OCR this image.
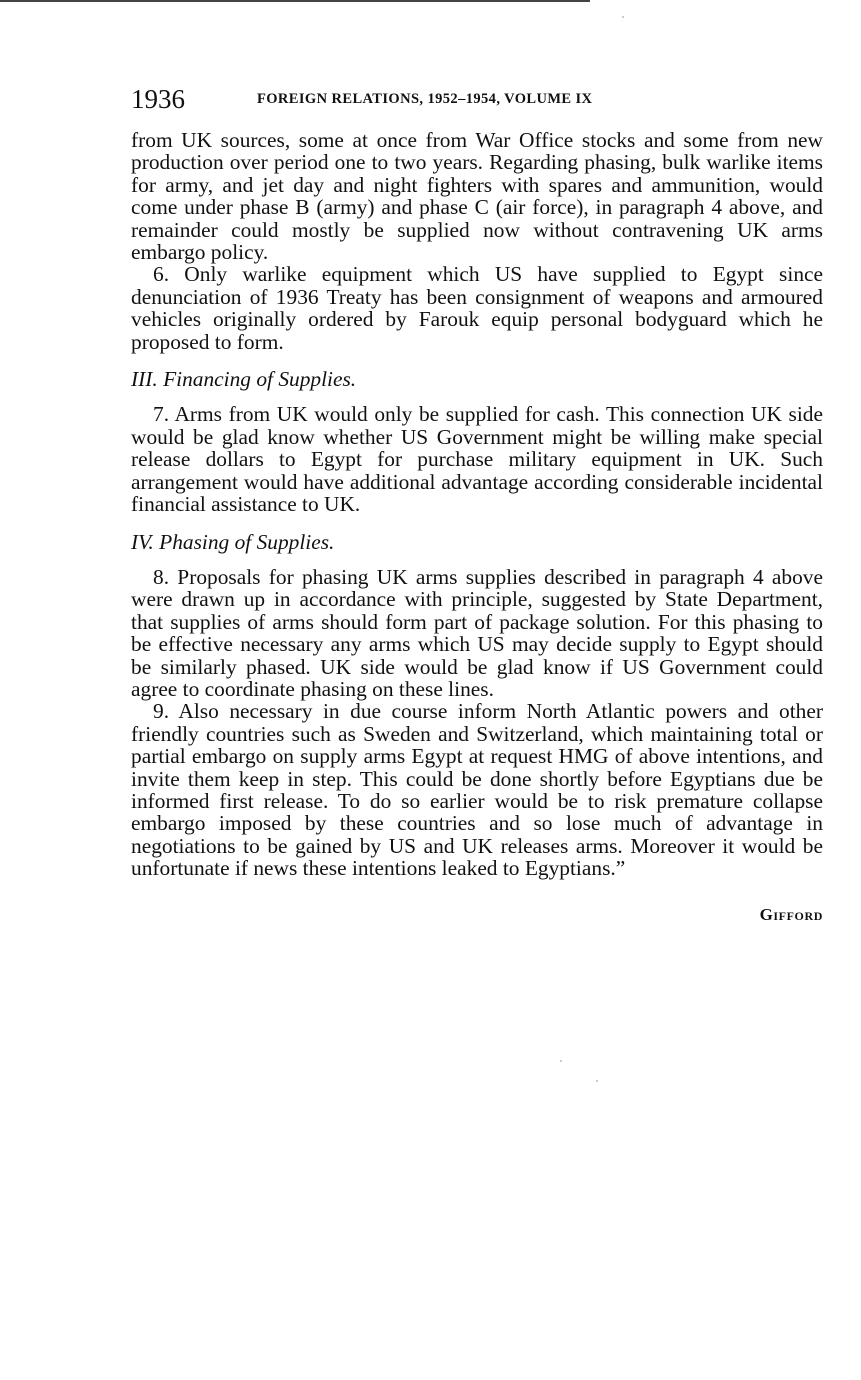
1936	FOREIGN RELATIONS, 1952–1954, VOLUME IX

from UK sources, some at once from War Office stocks and some from new production over period one to two years. Regarding phasing, bulk warlike items for army, and jet day and night fighters with spares and ammunition, would come under phase B (army) and phase C (air force), in paragraph 4 above, and remainder could mostly be supplied now without contravening UK arms embargo policy.

6. Only warlike equipment which US have supplied to Egypt since denunciation of 1936 Treaty has been consignment of weapons and armoured vehicles originally ordered by Farouk equip personal bodyguard which he proposed to form.

III. Financing of Supplies.

7. Arms from UK would only be supplied for cash. This connection UK side would be glad know whether US Government might be willing make special release dollars to Egypt for purchase military equipment in UK. Such arrangement would have additional advantage according considerable incidental financial assistance to UK.

IV. Phasing of Supplies.

8. Proposals for phasing UK arms supplies described in paragraph 4 above were drawn up in accordance with principle, suggested by State Department, that supplies of arms should form part of package solution. For this phasing to be effective necessary any arms which US may decide supply to Egypt should be similarly phased. UK side would be glad know if US Government could agree to coordinate phasing on these lines.

9. Also necessary in due course inform North Atlantic powers and other friendly countries such as Sweden and Switzerland, which maintaining total or partial embargo on supply arms Egypt at request HMG of above intentions, and invite them keep in step. This could be done shortly before Egyptians due be informed first release. To do so earlier would be to risk premature collapse embargo imposed by these countries and so lose much of advantage in negotiations to be gained by US and UK releases arms. Moreover it would be unfortunate if news these intentions leaked to Egyptians.”

Gifford
